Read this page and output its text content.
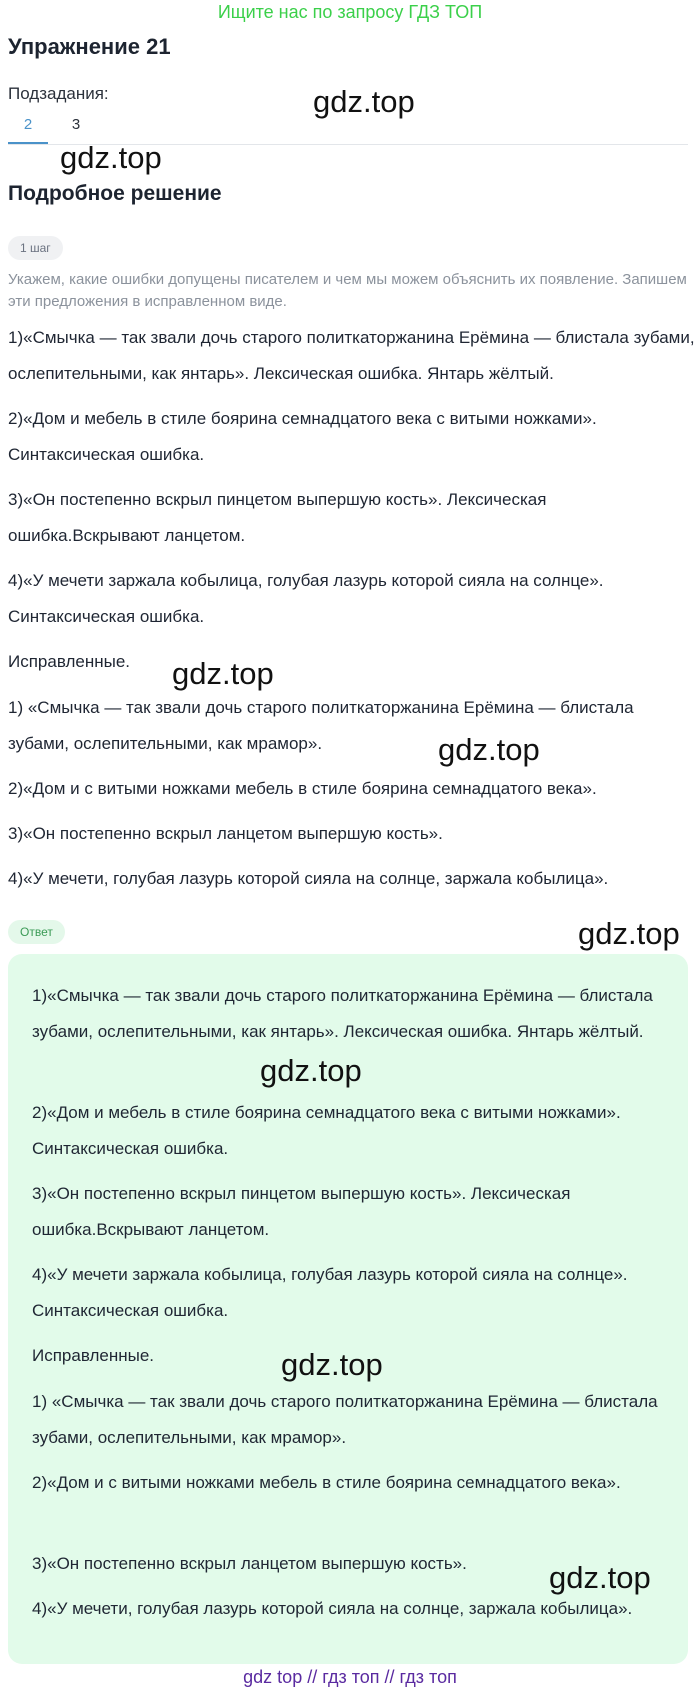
Ищите нас по запросу ГДЗ ТОП
Упражнение 21
Подзадания:
2	3
Подробное решение
1 шаг

Укажем, какие ошибки допущены писателем и чем мы можем объяснить их появление. Запишем эти предложения в исправленном виде.

1)«Смычка — так звали дочь старого политкаторжанина Ерёмина — блистала зубами, ослепительными, как янтарь». Лексическая ошибка. Янтарь жёлтый.

2)«Дом и мебель в стиле боярина семнадцатого века с витыми ножками». Синтаксическая ошибка.

3)«Он постепенно вскрыл пинцетом выпершую кость». Лексическая ошибка.Вскрывают ланцетом.

4)«У мечети заржала кобылица, голубая лазурь которой сияла на солнце». Синтаксическая ошибка.

Исправленные.

1) «Смычка — так звали дочь старого политкаторжанина Ерёмина — блистала зубами, ослепительными, как мрамор».

2)«Дом и с витыми ножками мебель в стиле боярина семнадцатого века».

3)«Он постепенно вскрыл ланцетом выпершую кость».

4)«У мечети, голубая лазурь которой сияла на солнце, заржала кобылица».

Ответ

1)«Смычка — так звали дочь старого политкаторжанина Ерёмина — блистала зубами, ослепительными, как янтарь». Лексическая ошибка. Янтарь жёлтый.

2)«Дом и мебель в стиле боярина семнадцатого века с витыми ножками». Синтаксическая ошибка.

3)«Он постепенно вскрыл пинцетом выпершую кость». Лексическая ошибка.Вскрывают ланцетом.

4)«У мечети заржала кобылица, голубая лазурь которой сияла на солнце». Синтаксическая ошибка.

Исправленные.

1) «Смычка — так звали дочь старого политкаторжанина Ерёмина — блистала зубами, ослепительными, как мрамор».

2)«Дом и с витыми ножками мебель в стиле боярина семнадцатого века».

3)«Он постепенно вскрыл ланцетом выпершую кость».

4)«У мечети, голубая лазурь которой сияла на солнце, заржала кобылица».

gdz.top
gdz.top
gdz.top
gdz.top
gdz.top
gdz.top
gdz.top
gdz.top
gdz top // гдз топ // гдз топ
